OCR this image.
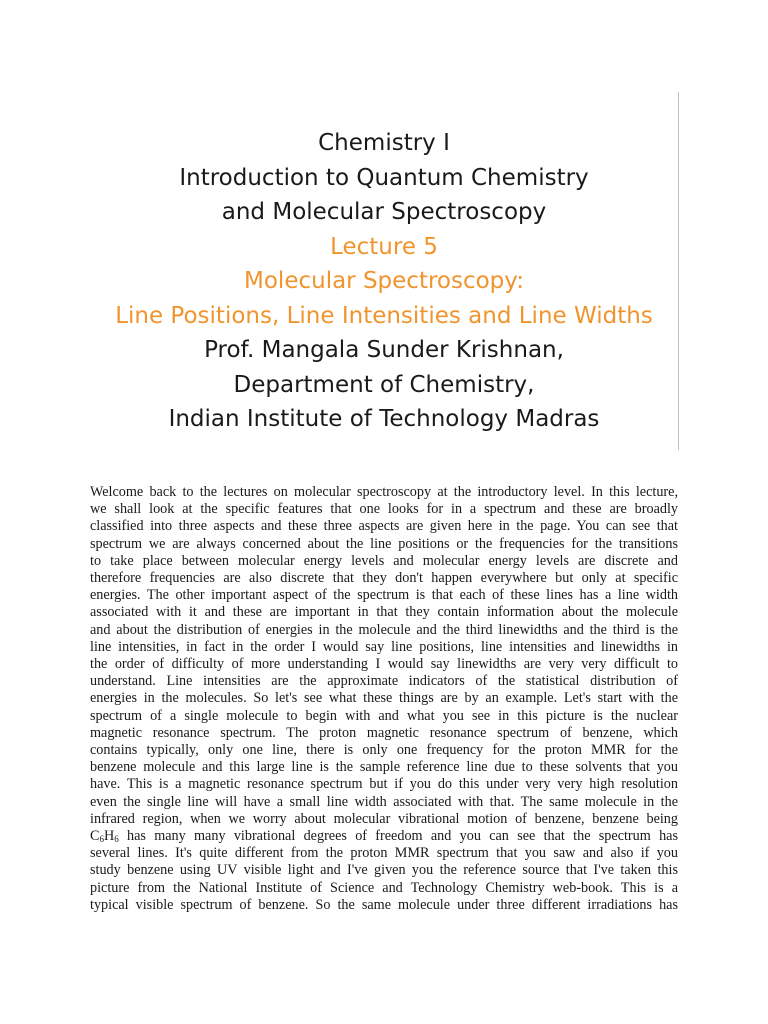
Chemistry I
Introduction to Quantum Chemistry
and Molecular Spectroscopy
Lecture 5
Molecular Spectroscopy:
Line Positions, Line Intensities and Line Widths
Prof. Mangala Sunder Krishnan,
Department of Chemistry,
Indian Institute of Technology Madras
Welcome back to the lectures on molecular spectroscopy at the introductory level. In this lecture,
we shall look at the specific features that one looks for in a spectrum and these are broadly
classified into three aspects and these three aspects are given here in the page. You can see that
spectrum we are always concerned about the line positions or the frequencies for the transitions
to take place between molecular energy levels and molecular energy levels are discrete and
therefore frequencies are also discrete that they don't happen everywhere but only at specific
energies. The other important aspect of the spectrum is that each of these lines has a line width
associated with it and these are important in that they contain information about the molecule
and about the distribution of energies in the molecule and the third linewidths and the third is the
line intensities, in fact in the order I would say line positions, line intensities and linewidths in
the order of difficulty of more understanding I would say linewidths are very very difficult to
understand. Line intensities are the approximate indicators of the statistical distribution of
energies in the molecules. So let's see what these things are by an example. Let's start with the
spectrum of a single molecule to begin with and what you see in this picture is the nuclear
magnetic resonance spectrum. The proton magnetic resonance spectrum of benzene, which
contains typically, only one line, there is only one frequency for the proton MMR for the
benzene molecule and this large line is the sample reference line due to these solvents that you
have. This is a magnetic resonance spectrum but if you do this under very very high resolution
even the single line will have a small line width associated with that. The same molecule in the
infrared region, when we worry about molecular vibrational motion of benzene, benzene being
$C_6H_6$ has many many vibrational degrees of freedom and you can see that the spectrum has
several lines. It's quite different from the proton MMR spectrum that you saw and also if you
study benzene using UV visible light and I've given you the reference source that I've taken this
picture from the National Institute of Science and Technology Chemistry web-book. This is a
typical visible spectrum of benzene. So the same molecule under three different irradiations has
